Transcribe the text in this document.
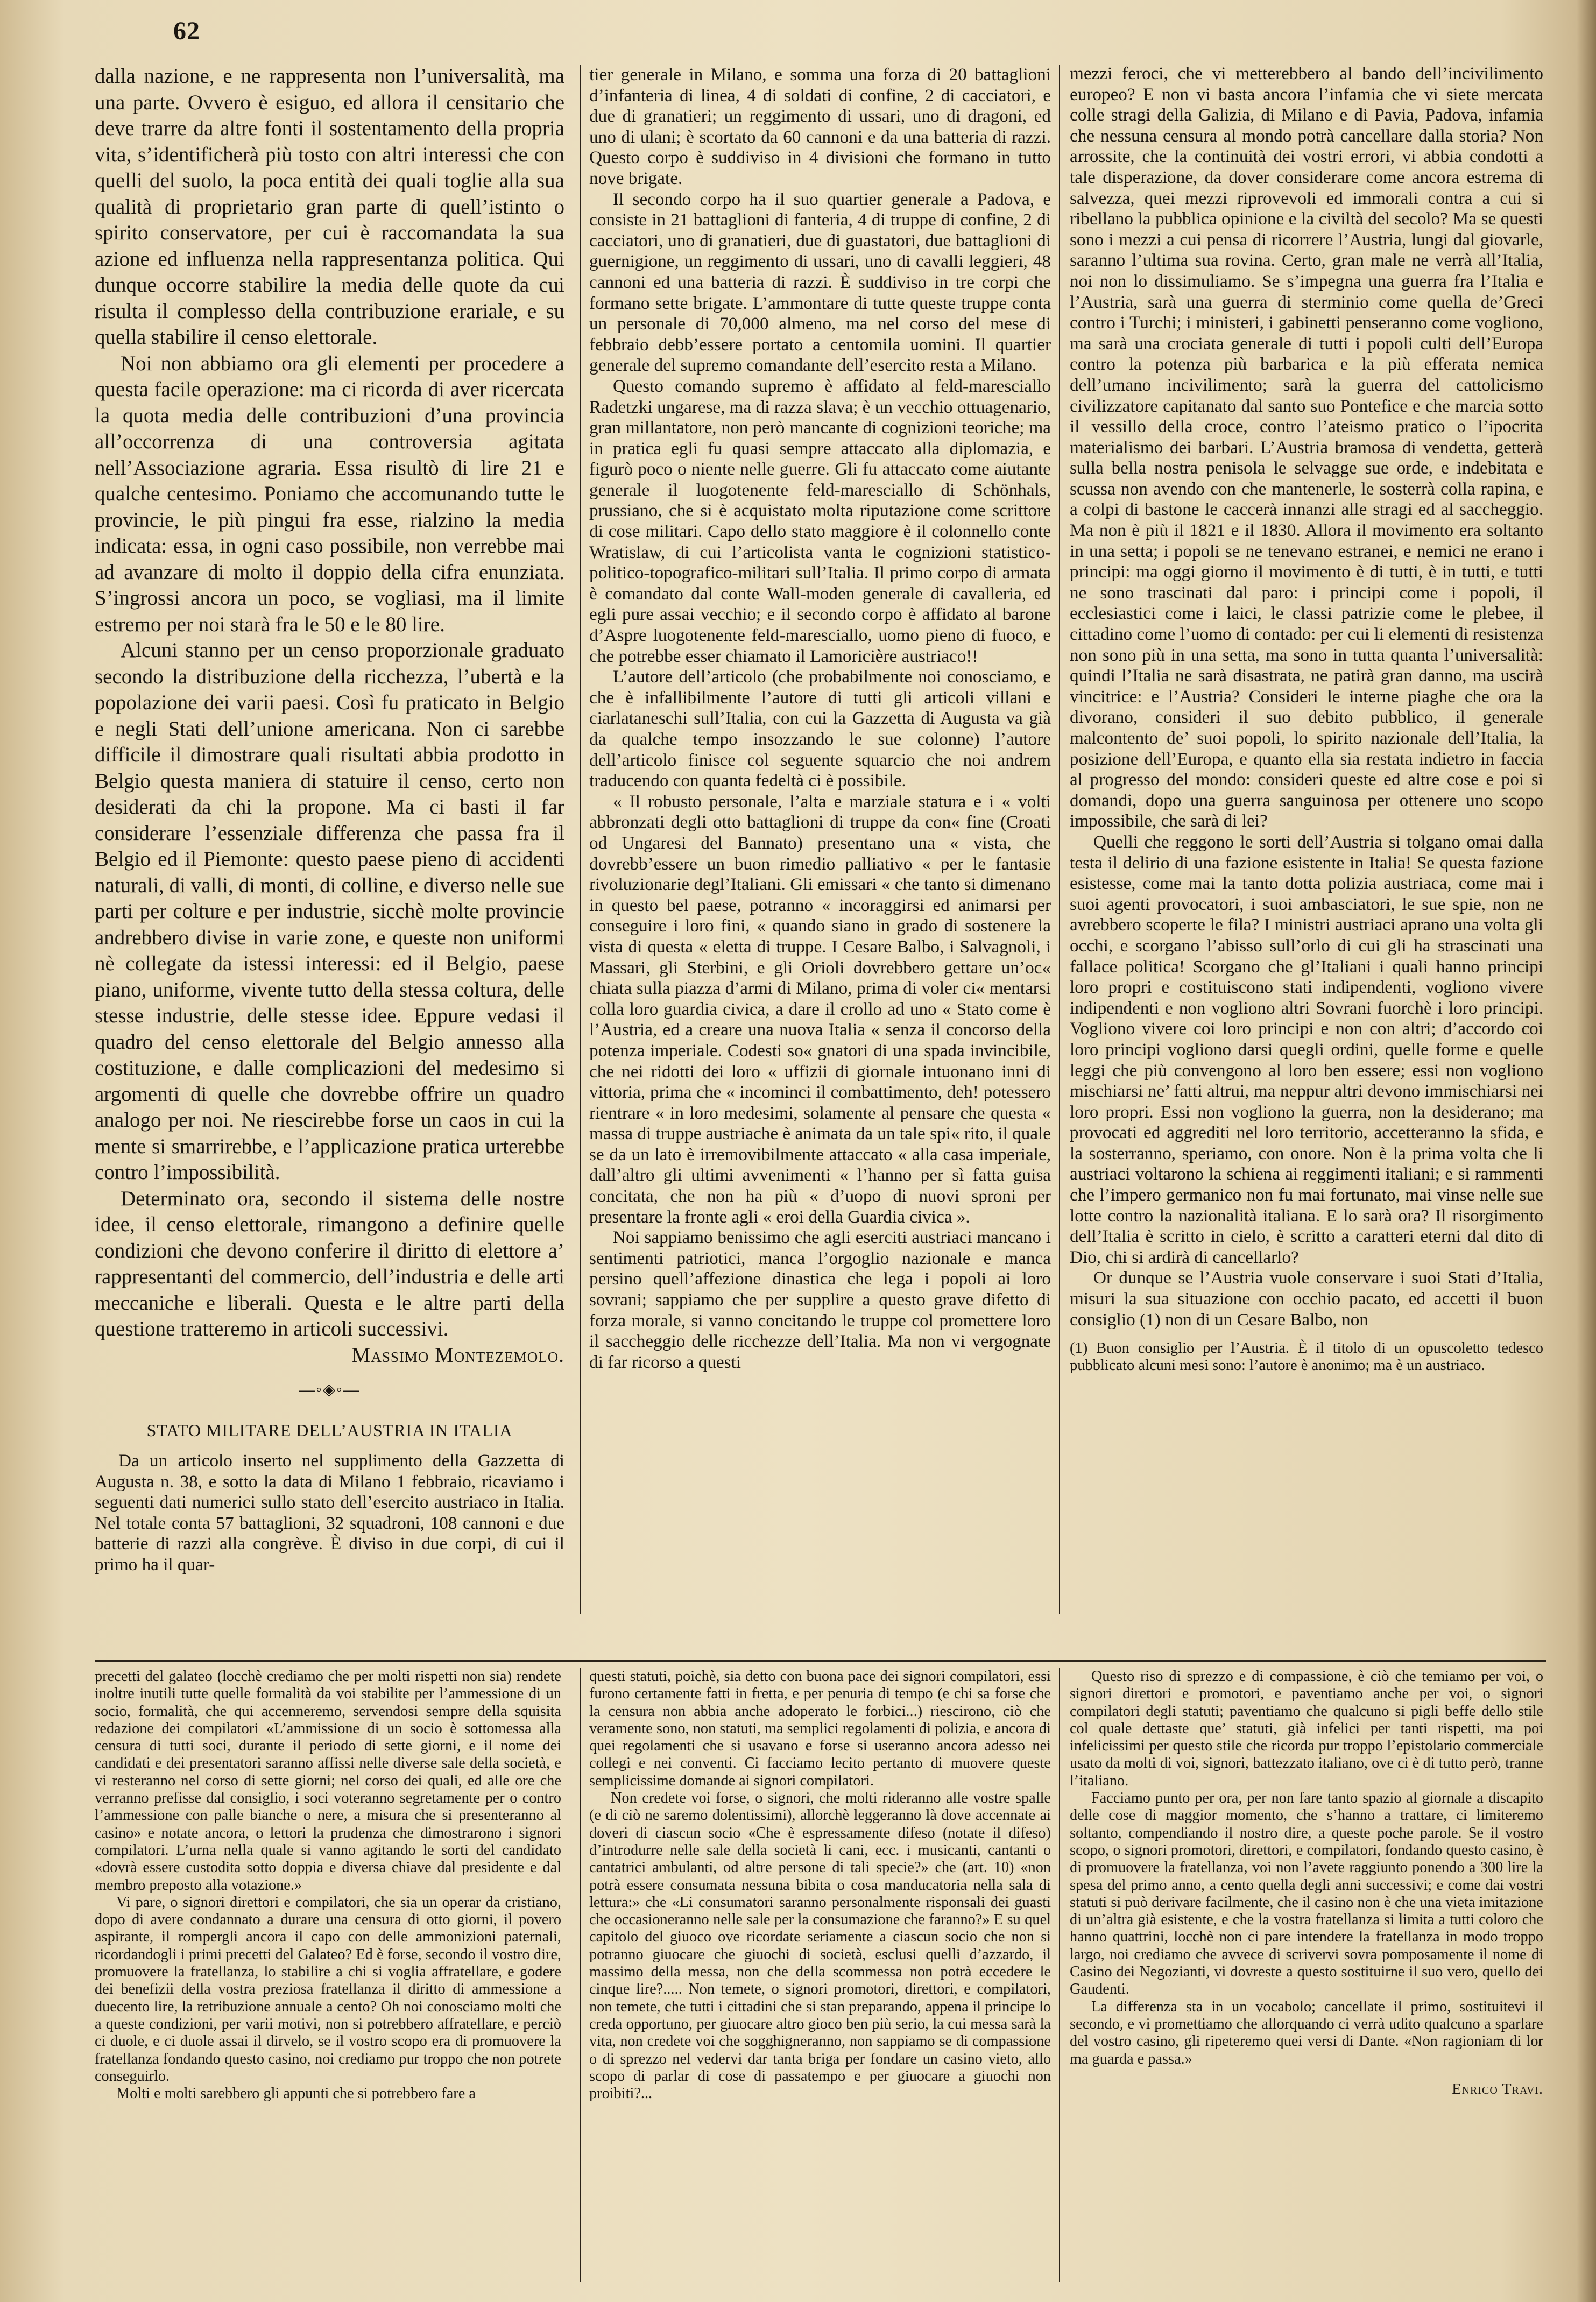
62

dalla nazione, e ne rappresenta non l’universalità, ma una parte. Ovvero è esiguo, ed allora il censitario che deve trarre da altre fonti il sostentamento della propria vita, s’identificherà più tosto con altri interessi che con quelli del suolo, la poca entità dei quali toglie alla sua qualità di proprietario gran parte di quell’istinto o spirito conservatore, per cui è raccomandata la sua azione ed influenza nella rappresentanza politica. Qui dunque occorre stabilire la media delle quote da cui risulta il complesso della contribuzione erariale, e su quella stabilire il censo elettorale.

Noi non abbiamo ora gli elementi per procedere a questa facile operazione: ma ci ricorda di aver ricercata la quota media delle contribuzioni d’una provincia all’occorrenza di una controversia agitata nell’Associazione agraria. Essa risultò di lire 21 e qualche centesimo. Poniamo che accomunando tutte le provincie, le più pingui fra esse, rialzino la media indicata: essa, in ogni caso possibile, non verrebbe mai ad avanzare di molto il doppio della cifra enunziata. S’ingrossi ancora un poco, se vogliasi, ma il limite estremo per noi starà fra le 50 e le 80 lire.

Alcuni stanno per un censo proporzionale graduato secondo la distribuzione della ricchezza, l’ubertà e la popolazione dei varii paesi. Così fu praticato in Belgio e negli Stati dell’unione americana. Non ci sarebbe difficile il dimostrare quali risultati abbia prodotto in Belgio questa maniera di statuire il censo, certo non desiderati da chi la propone. Ma ci basti il far considerare l’essenziale differenza che passa fra il Belgio ed il Piemonte: questo paese pieno di accidenti naturali, di valli, di monti, di colline, e diverso nelle sue parti per colture e per industrie, sicchè molte provincie andrebbero divise in varie zone, e queste non uniformi nè collegate da istessi interessi: ed il Belgio, paese piano, uniforme, vivente tutto della stessa coltura, delle stesse industrie, delle stesse idee. Eppure vedasi il quadro del censo elettorale del Belgio annesso alla costituzione, e dalle complicazioni del medesimo si argomenti di quelle che dovrebbe offrire un quadro analogo per noi. Ne riescirebbe forse un caos in cui la mente si smarrirebbe, e l’applicazione pratica urterebbe contro l’impossibilità.

Determinato ora, secondo il sistema delle nostre idee, il censo elettorale, rimangono a definire quelle condizioni che devono conferire il diritto di elettore a’ rappresentanti del commercio, dell’industria e delle arti meccaniche e liberali. Questa e le altre parti della questione tratteremo in articoli successivi.

Massimo Montezemolo.
—◦◈◦—
STATO MILITARE DELL’AUSTRIA IN ITALIA

Da un articolo inserto nel supplimento della Gazzetta di Augusta n. 38, e sotto la data di Milano 1 febbraio, ricaviamo i seguenti dati numerici sullo stato dell’esercito austriaco in Italia. Nel totale conta 57 battaglioni, 32 squadroni, 108 cannoni e due batterie di razzi alla congrève. È diviso in due corpi, di cui il primo ha il quar-

tier generale in Milano, e somma una forza di 20 battaglioni d’infanteria di linea, 4 di soldati di confine, 2 di cacciatori, e due di granatieri; un reggimento di ussari, uno di dragoni, ed uno di ulani; è scortato da 60 cannoni e da una batteria di razzi. Questo corpo è suddiviso in 4 divisioni che formano in tutto nove brigate.

Il secondo corpo ha il suo quartier generale a Padova, e consiste in 21 battaglioni di fanteria, 4 di truppe di confine, 2 di cacciatori, uno di granatieri, due di guastatori, due battaglioni di guernigione, un reggimento di ussari, uno di cavalli leggieri, 48 cannoni ed una batteria di razzi. È suddiviso in tre corpi che formano sette brigate. L’ammontare di tutte queste truppe conta un personale di 70,000 almeno, ma nel corso del mese di febbraio debb’essere portato a centomila uomini. Il quartier generale del supremo comandante dell’esercito resta a Milano.

Questo comando supremo è affidato al feld-maresciallo Radetzki ungarese, ma di razza slava; è un vecchio ottuagenario, gran millantatore, non però mancante di cognizioni teoriche; ma in pratica egli fu quasi sempre attaccato alla diplomazia, e figurò poco o niente nelle guerre. Gli fu attaccato come aiutante generale il luogotenente feld-maresciallo di Schönhals, prussiano, che si è acquistato molta riputazione come scrittore di cose militari. Capo dello stato maggiore è il colonnello conte Wratislaw, di cui l’articolista vanta le cognizioni statistico-politico-topografico-militari sull’Italia. Il primo corpo di armata è comandato dal conte Wall-moden generale di cavalleria, ed egli pure assai vecchio; e il secondo corpo è affidato al barone d’Aspre luogotenente feld-maresciallo, uomo pieno di fuoco, e che potrebbe esser chiamato il Lamoricière austriaco!!

L’autore dell’articolo (che probabilmente noi conosciamo, e che è infallibilmente l’autore di tutti gli articoli villani e ciarlataneschi sull’Italia, con cui la Gazzetta di Augusta va già da qualche tempo insozzando le sue colonne) l’autore dell’articolo finisce col seguente squarcio che noi andrem traducendo con quanta fedeltà ci è possibile.

« Il robusto personale, l’alta e marziale statura e i « volti abbronzati degli otto battaglioni di truppe da con« fine (Croati od Ungaresi del Bannato) presentano una « vista, che dovrebb’essere un buon rimedio palliativo « per le fantasie rivoluzionarie degl’Italiani. Gli emissari « che tanto si dimenano in questo bel paese, potranno « incoraggirsi ed animarsi per conseguire i loro fini, « quando siano in grado di sostenere la vista di questa « eletta di truppe. I Cesare Balbo, i Salvagnoli, i Massari, gli Sterbini, e gli Orioli dovrebbero gettare un’oc« chiata sulla piazza d’armi di Milano, prima di voler ci« mentarsi colla loro guardia civica, a dare il crollo ad uno « Stato come è l’Austria, ed a creare una nuova Italia « senza il concorso della potenza imperiale. Codesti so« gnatori di una spada invincibile, che nei ridotti dei loro « uffizii di giornale intuonano inni di vittoria, prima che « incominci il combattimento, deh! potessero rientrare « in loro medesimi, solamente al pensare che questa « massa di truppe austriache è animata da un tale spi« rito, il quale se da un lato è irremovibilmente attaccato « alla casa imperiale, dall’altro gli ultimi avvenimenti « l’hanno per sì fatta guisa concitata, che non ha più « d’uopo di nuovi sproni per presentare la fronte agli « eroi della Guardia civica ».

Noi sappiamo benissimo che agli eserciti austriaci mancano i sentimenti patriotici, manca l’orgoglio nazionale e manca persino quell’affezione dinastica che lega i popoli ai loro sovrani; sappiamo che per supplire a questo grave difetto di forza morale, si vanno concitando le truppe col promettere loro il saccheggio delle ricchezze dell’Italia. Ma non vi vergognate di far ricorso a questi

mezzi feroci, che vi metterebbero al bando dell’incivilimento europeo? E non vi basta ancora l’infamia che vi siete mercata colle stragi della Galizia, di Milano e di Pavia, Padova, infamia che nessuna censura al mondo potrà cancellare dalla storia? Non arrossite, che la continuità dei vostri errori, vi abbia condotti a tale disperazione, da dover considerare come ancora estrema di salvezza, quei mezzi riprovevoli ed immorali contra a cui si ribellano la pubblica opinione e la civiltà del secolo? Ma se questi sono i mezzi a cui pensa di ricorrere l’Austria, lungi dal giovarle, saranno l’ultima sua rovina. Certo, gran male ne verrà all’Italia, noi non lo dissimuliamo. Se s’impegna una guerra fra l’Italia e l’Austria, sarà una guerra di sterminio come quella de’Greci contro i Turchi; i ministeri, i gabinetti penseranno come vogliono, ma sarà una crociata generale di tutti i popoli culti dell’Europa contro la potenza più barbarica e la più efferata nemica dell’umano incivilimento; sarà la guerra del cattolicismo civilizzatore capitanato dal santo suo Pontefice e che marcia sotto il vessillo della croce, contro l’ateismo pratico o l’ipocrita materialismo dei barbari. L’Austria bramosa di vendetta, getterà sulla bella nostra penisola le selvagge sue orde, e indebitata e scussa non avendo con che mantenerle, le sosterrà colla rapina, e a colpi di bastone le caccerà innanzi alle stragi ed al saccheggio. Ma non è più il 1821 e il 1830. Allora il movimento era soltanto in una setta; i popoli se ne tenevano estranei, e nemici ne erano i principi: ma oggi giorno il movimento è di tutti, è in tutti, e tutti ne sono trascinati dal paro: i principi come i popoli, il ecclesiastici come i laici, le classi patrizie come le plebee, il cittadino come l’uomo di contado: per cui li elementi di resistenza non sono più in una setta, ma sono in tutta quanta l’universalità: quindi l’Italia ne sarà disastrata, ne patirà gran danno, ma uscirà vincitrice: e l’Austria? Consideri le interne piaghe che ora la divorano, consideri il suo debito pubblico, il generale malcontento de’ suoi popoli, lo spirito nazionale dell’Italia, la posizione dell’Europa, e quanto ella sia restata indietro in faccia al progresso del mondo: consideri queste ed altre cose e poi si domandi, dopo una guerra sanguinosa per ottenere uno scopo impossibile, che sarà di lei?

Quelli che reggono le sorti dell’Austria si tolgano omai dalla testa il delirio di una fazione esistente in Italia! Se questa fazione esistesse, come mai la tanto dotta polizia austriaca, come mai i suoi agenti provocatori, i suoi ambasciatori, le sue spie, non ne avrebbero scoperte le fila? I ministri austriaci aprano una volta gli occhi, e scorgano l’abisso sull’orlo di cui gli ha strascinati una fallace politica! Scorgano che gl’Italiani i quali hanno principi loro propri e costituiscono stati indipendenti, vogliono vivere indipendenti e non vogliono altri Sovrani fuorchè i loro principi. Vogliono vivere coi loro principi e non con altri; d’accordo coi loro principi vogliono darsi quegli ordini, quelle forme e quelle leggi che più convengono al loro ben essere; essi non vogliono mischiarsi ne’ fatti altrui, ma neppur altri devono immischiarsi nei loro propri. Essi non vogliono la guerra, non la desiderano; ma provocati ed aggrediti nel loro territorio, accetteranno la sfida, e la sosterranno, speriamo, con onore. Non è la prima volta che li austriaci voltarono la schiena ai reggimenti italiani; e si rammenti che l’impero germanico non fu mai fortunato, mai vinse nelle sue lotte contro la nazionalità italiana. E lo sarà ora? Il risorgimento dell’Italia è scritto in cielo, è scritto a caratteri eterni dal dito di Dio, chi si ardirà di cancellarlo?

Or dunque se l’Austria vuole conservare i suoi Stati d’Italia, misuri la sua situazione con occhio pacato, ed accetti il buon consiglio (1) non di un Cesare Balbo, non

(1) Buon consiglio per l’Austria. È il titolo di un opuscoletto tedesco pubblicato alcuni mesi sono: l’autore è anonimo; ma è un austriaco.

precetti del galateo (locchè crediamo che per molti rispetti non sia) rendete inoltre inutili tutte quelle formalità da voi stabilite per l’ammessione di un socio, formalità, che qui accenneremo, servendosi sempre della squisita redazione dei compilatori «L’ammissione di un socio è sottomessa alla censura di tutti soci, durante il periodo di sette giorni, e il nome dei candidati e dei presentatori saranno affissi nelle diverse sale della società, e vi resteranno nel corso di sette giorni; nel corso dei quali, ed alle ore che verranno prefisse dal consiglio, i soci voteranno segretamente per o contro l’ammessione con palle bianche o nere, a misura che si presenteranno al casino» e notate ancora, o lettori la prudenza che dimostrarono i signori compilatori. L’urna nella quale si vanno agitando le sorti del candidato «dovrà essere custodita sotto doppia e diversa chiave dal presidente e dal membro preposto alla votazione.»

Vi pare, o signori direttori e compilatori, che sia un operar da cristiano, dopo di avere condannato a durare una censura di otto giorni, il povero aspirante, il rompergli ancora il capo con delle ammonizioni paternali, ricordandogli i primi precetti del Galateo? Ed è forse, secondo il vostro dire, promuovere la fratellanza, lo stabilire a chi si voglia affratellare, e godere dei benefizii della vostra preziosa fratellanza il diritto di ammessione a duecento lire, la retribuzione annuale a cento? Oh noi conosciamo molti che a queste condizioni, per varii motivi, non si potrebbero affratellare, e perciò ci duole, e ci duole assai il dirvelo, se il vostro scopo era di promuovere la fratellanza fondando questo casino, noi crediamo pur troppo che non potrete conseguirlo.

Molti e molti sarebbero gli appunti che si potrebbero fare a

questi statuti, poichè, sia detto con buona pace dei signori compilatori, essi furono certamente fatti in fretta, e per penuria di tempo (e chi sa forse che la censura non abbia anche adoperato le forbici...) riescirono, ciò che veramente sono, non statuti, ma semplici regolamenti di polizia, e ancora di quei regolamenti che si usavano e forse si useranno ancora adesso nei collegi e nei conventi. Ci facciamo lecito pertanto di muovere queste semplicissime domande ai signori compilatori.

Non credete voi forse, o signori, che molti rideranno alle vostre spalle (e di ciò ne saremo dolentissimi), allorchè leggeranno là dove accennate ai doveri di ciascun socio «Che è espressamente difeso (notate il difeso) d’introdurre nelle sale della società li cani, ecc. i musicanti, cantanti o cantatrici ambulanti, od altre persone di tali specie?» che (art. 10) «non potrà essere consumata nessuna bibita o cosa manducatoria nella sala di lettura:» che «Li consumatori saranno personalmente risponsali dei guasti che occasioneranno nelle sale per la consumazione che faranno?» E su quel capitolo del giuoco ove ricordate seriamente a ciascun socio che non si potranno giuocare che giuochi di società, esclusi quelli d’azzardo, il massimo della messa, non che della scommessa non potrà eccedere le cinque lire?..... Non temete, o signori promotori, direttori, e compilatori, non temete, che tutti i cittadini che si stan preparando, appena il principe lo creda opportuno, per giuocare altro gioco ben più serio, la cui messa sarà la vita, non credete voi che sogghigneranno, non sappiamo se di compassione o di sprezzo nel vedervi dar tanta briga per fondare un casino vieto, allo scopo di parlar di cose di passatempo e per giuocare a giuochi non proibiti?...

Questo riso di sprezzo e di compassione, è ciò che temiamo per voi, o signori direttori e promotori, e paventiamo anche per voi, o signori compilatori degli statuti; paventiamo che qualcuno si pigli beffe dello stile col quale dettaste que’ statuti, già infelici per tanti rispetti, ma poi infelicissimi per questo stile che ricorda pur troppo l’epistolario commerciale usato da molti di voi, signori, battezzato italiano, ove ci è di tutto però, tranne l’italiano.

Facciamo punto per ora, per non fare tanto spazio al giornale a discapito delle cose di maggior momento, che s’hanno a trattare, ci limiteremo soltanto, compendiando il nostro dire, a queste poche parole. Se il vostro scopo, o signori promotori, direttori, e compilatori, fondando questo casino, è di promuovere la fratellanza, voi non l’avete raggiunto ponendo a 300 lire la spesa del primo anno, a cento quella degli anni successivi; e come dai vostri statuti si può derivare facilmente, che il casino non è che una vieta imitazione di un’altra già esistente, e che la vostra fratellanza si limita a tutti coloro che hanno quattrini, locchè non ci pare intendere la fratellanza in modo troppo largo, noi crediamo che avvece di scrivervi sovra pomposamente il nome di Casino dei Negozianti, vi dovreste a questo sostituirne il suo vero, quello dei Gaudenti.

La differenza sta in un vocabolo; cancellate il primo, sostituitevi il secondo, e vi promettiamo che allorquando ci verrà udito qualcuno a sparlare del vostro casino, gli ripeteremo quei versi di Dante. «Non ragioniam di lor ma guarda e passa.»

Enrico Travi.
